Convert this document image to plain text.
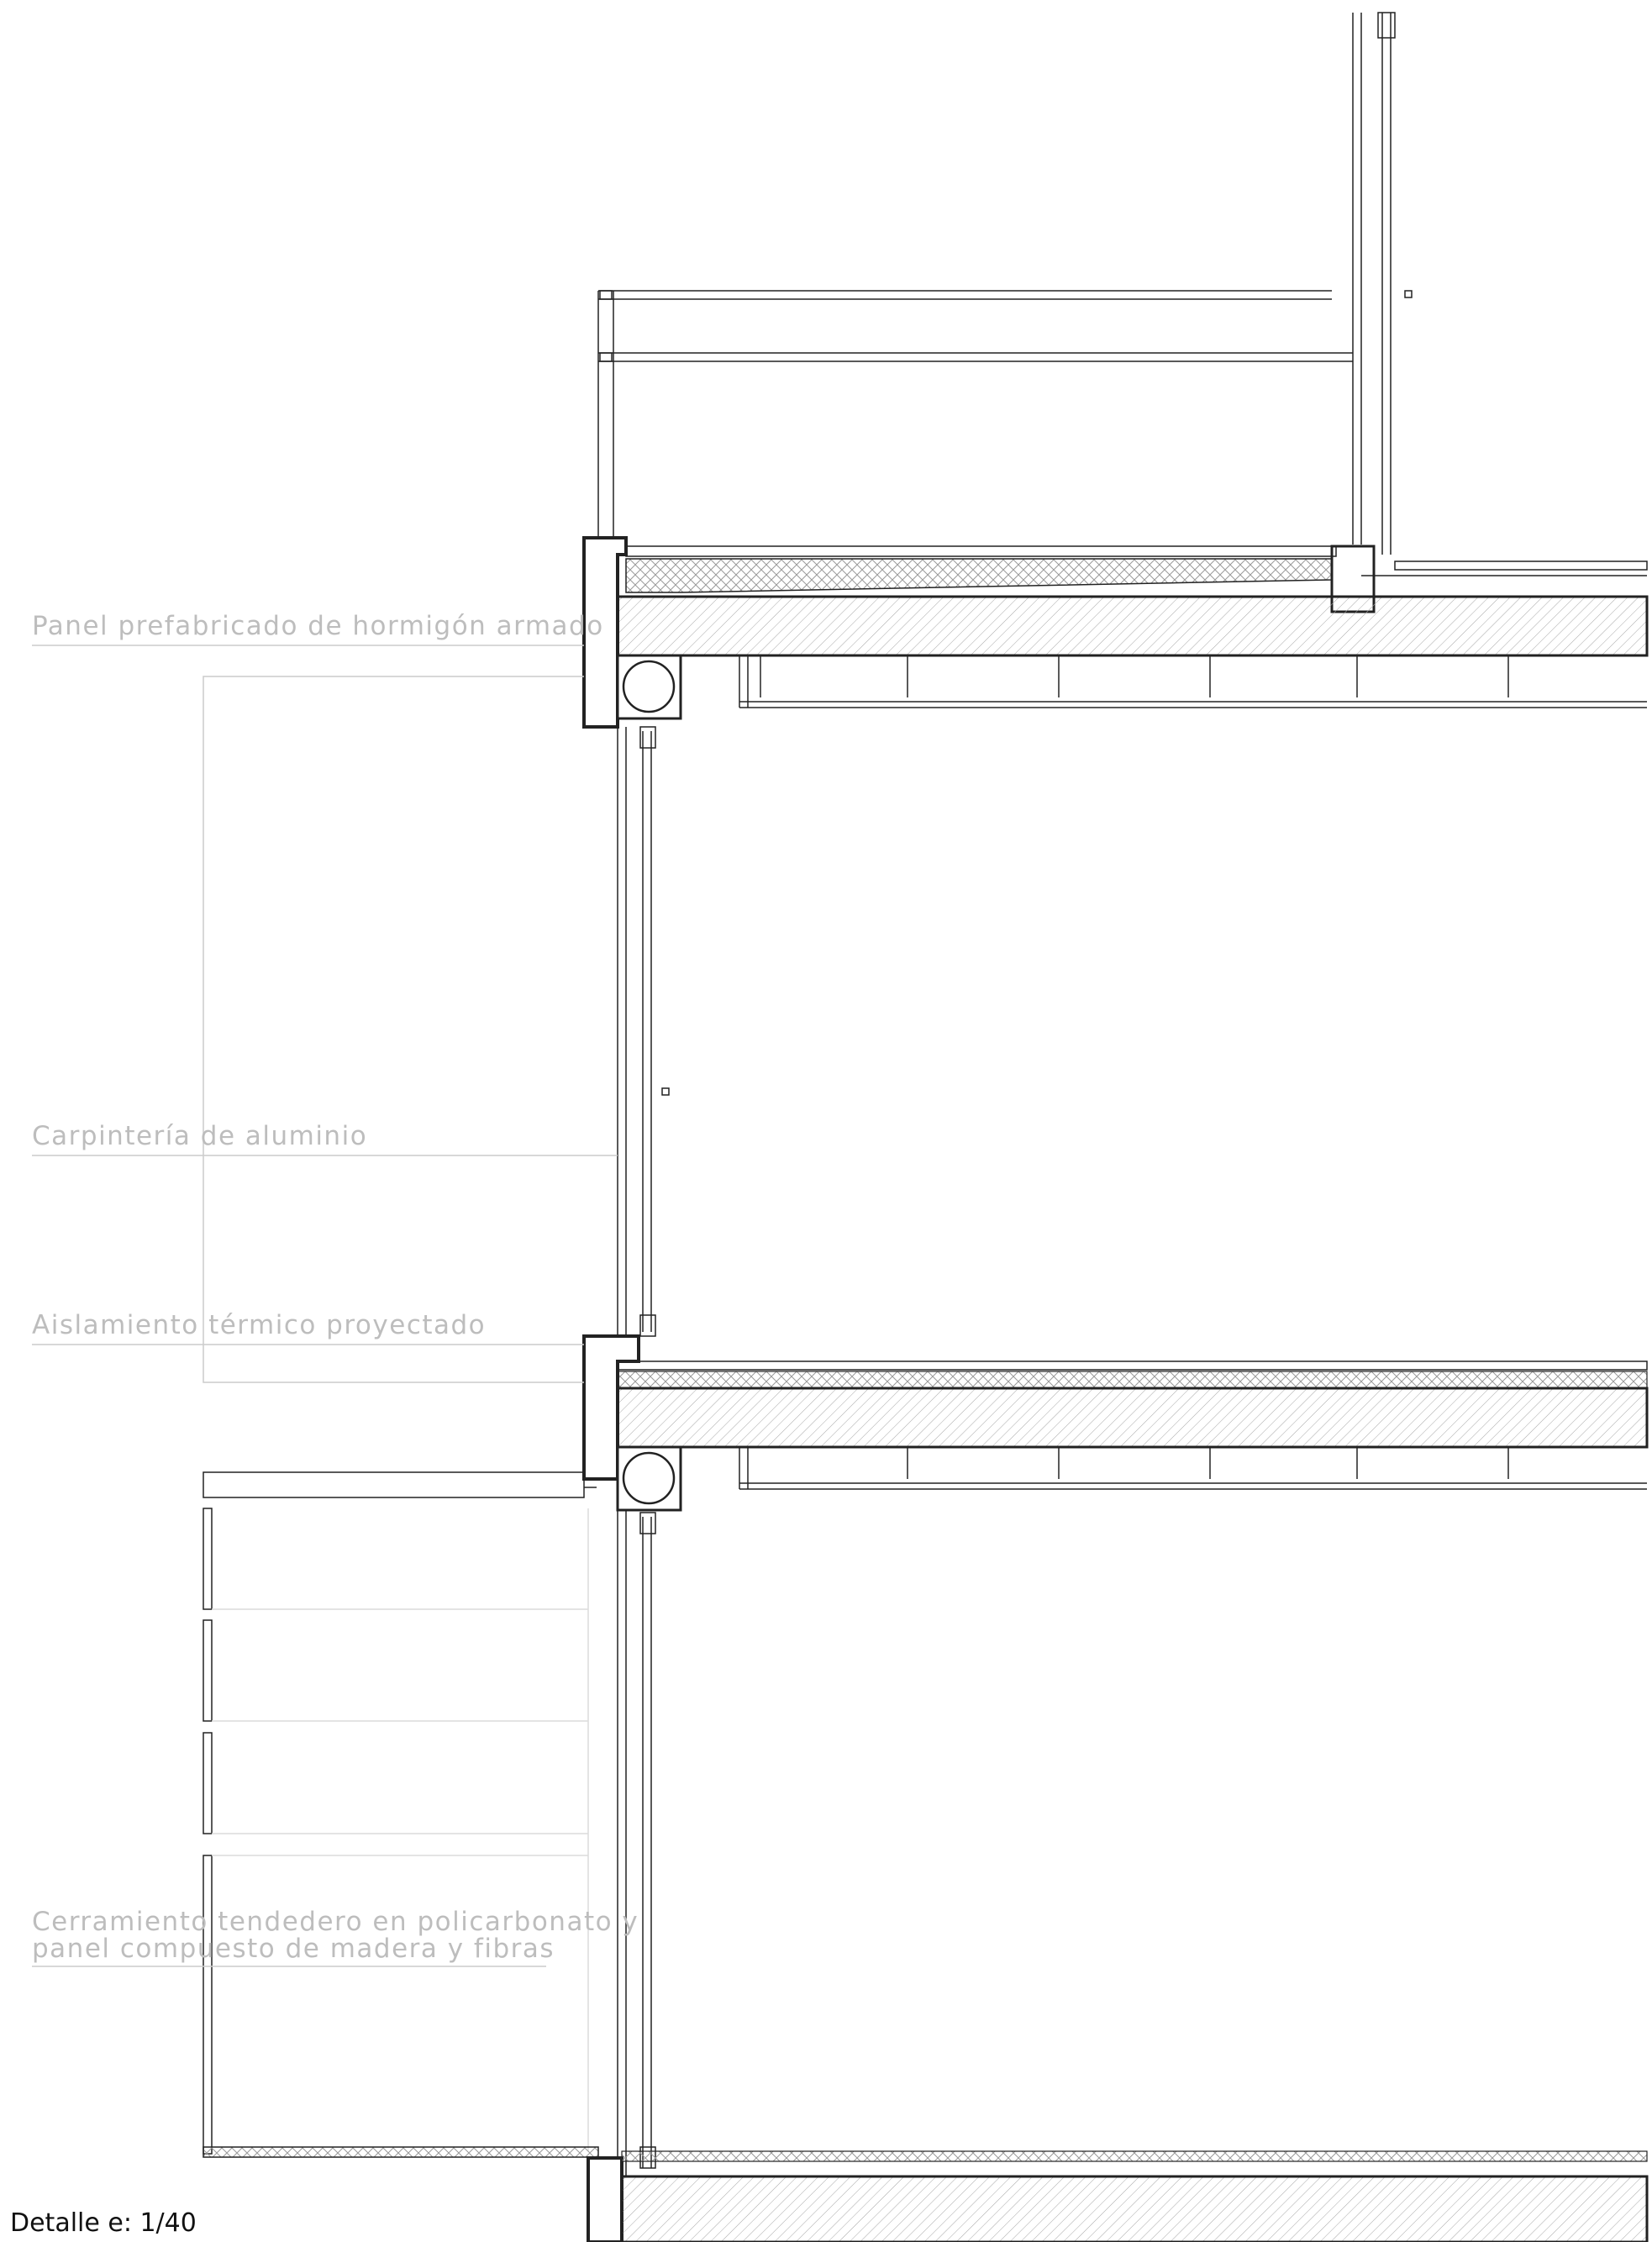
Panel prefabricado de hormigón armado
Carpintería de aluminio
Aislamiento térmico proyectado
Cerramiento tendedero en policarbonato y
panel compuesto de madera y fibras
Detalle e: 1/40
